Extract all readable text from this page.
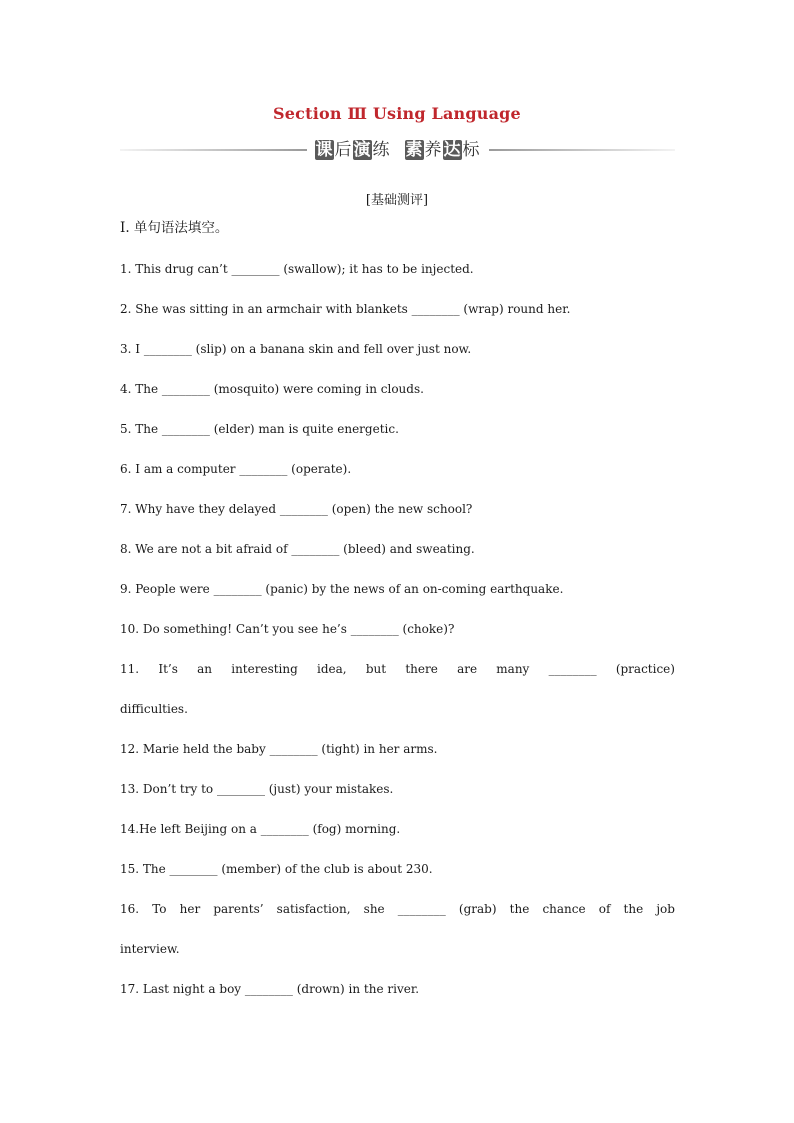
Section Ⅲ Using Language
课 后 演 练 素 养 达 标
[基础测评]
Ⅰ. 单句语法填空。
1. This drug can’t ________ (swallow); it has to be injected.
2. She was sitting in an armchair with blankets ________ (wrap) round her.
3. I ________ (slip) on a banana skin and fell over just now.
4. The ________ (mosquito) were coming in clouds.
5. The ________ (elder) man is quite energetic.
6. I am a computer ________ (operate).
7. Why have they delayed ________ (open) the new school?
8. We are not a bit afraid of ________ (bleed) and sweating.
9. People were ________ (panic) by the news of an on-coming earthquake.
10. Do something! Can’t you see he’s ________ (choke)?
11. It’s an interesting idea, but there are many ________ (practice)
difficulties.
12. Marie held the baby ________ (tight) in her arms.
13. Don’t try to ________ (just) your mistakes.
14.He left Beijing on a ________ (fog) morning.
15. The ________ (member) of the club is about 230.
16. To her parents’ satisfaction, she ________ (grab) the chance of the job
interview.
17. Last night a boy ________ (drown) in the river.
